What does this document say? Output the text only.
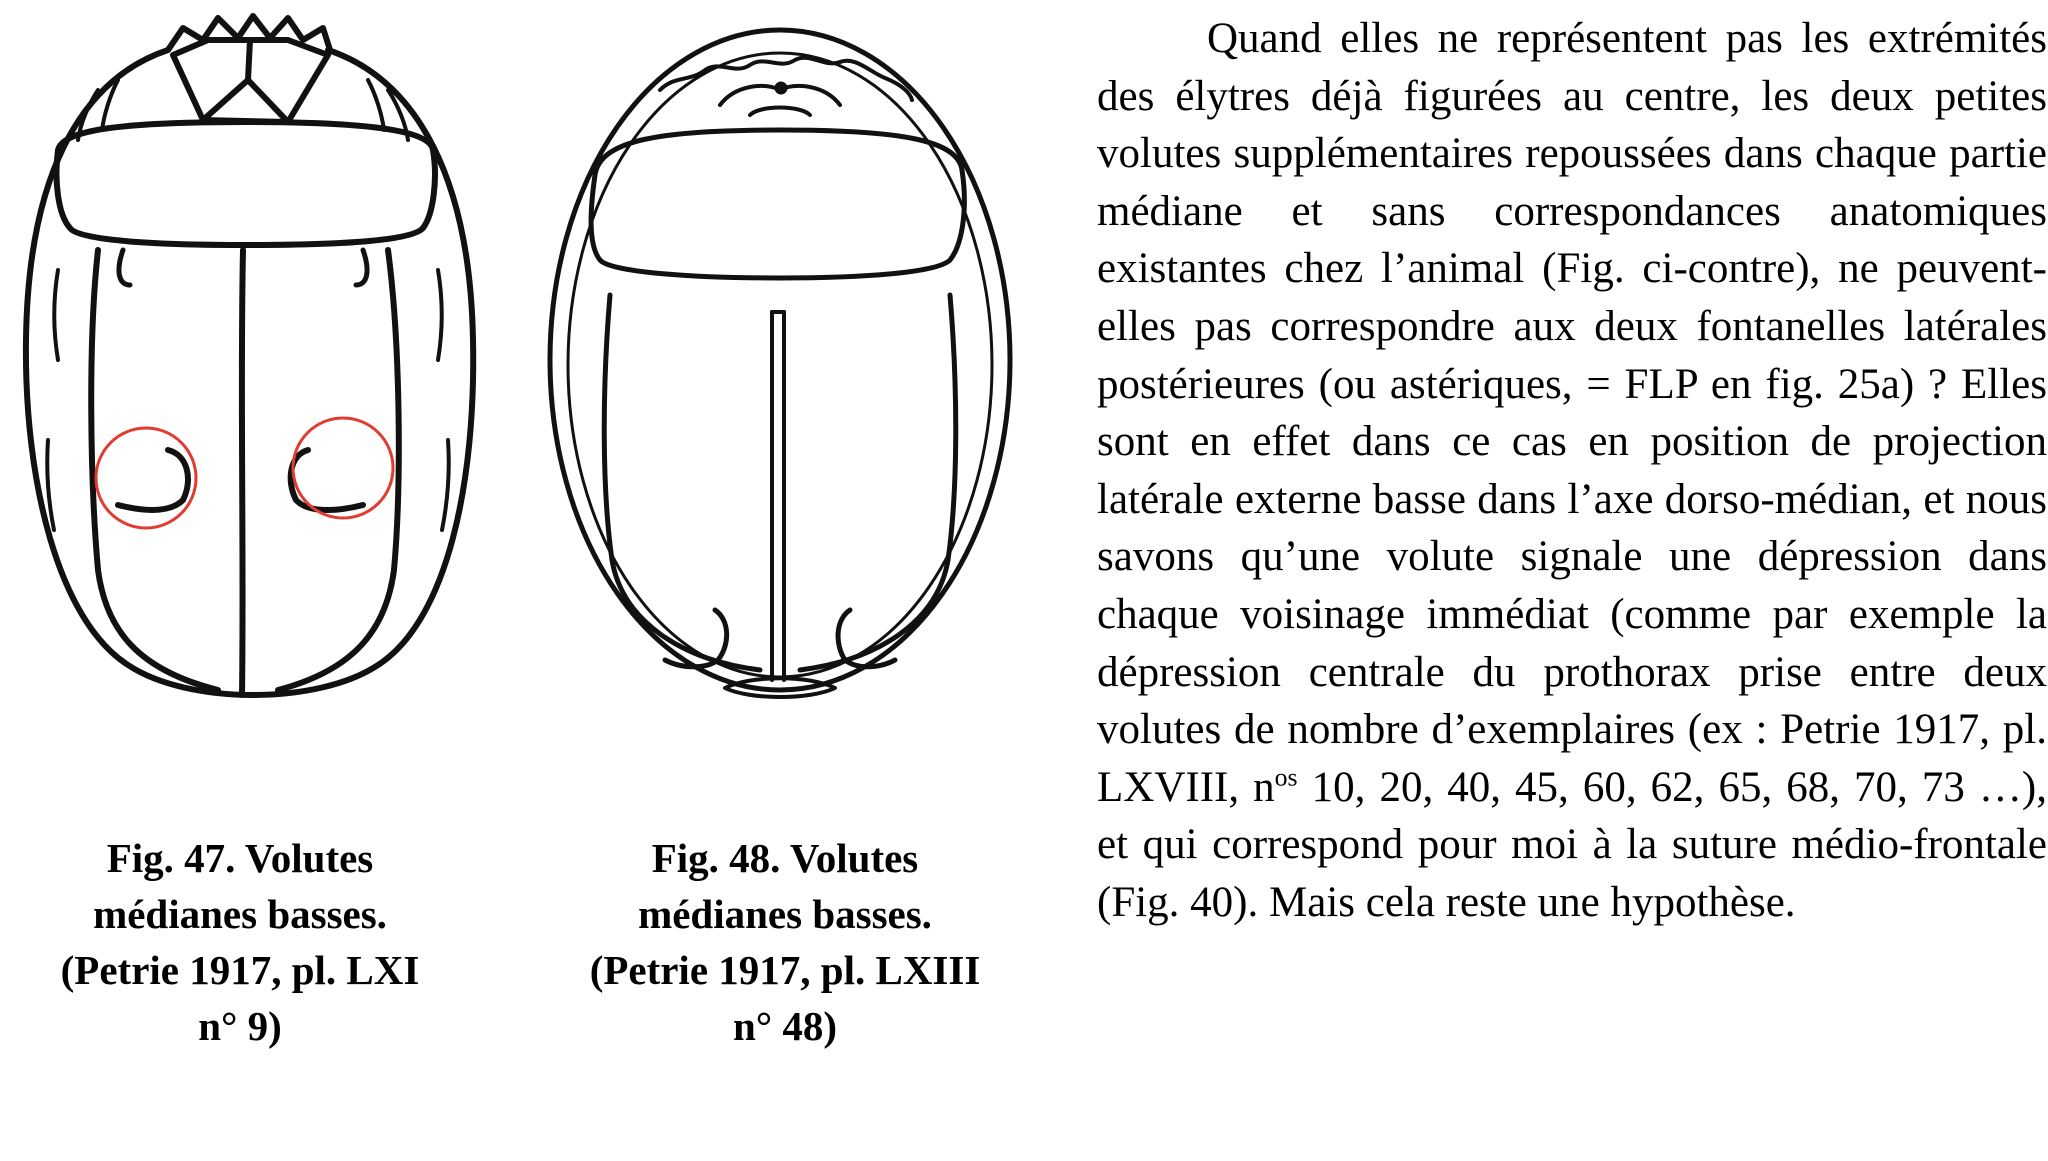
Fig. 47. Volutes
médianes basses.
(Petrie 1917, pl. LXI
n° 9)
Fig. 48. Volutes
médianes basses.
(Petrie 1917, pl. LXIII
n° 48)

Quand elles ne représentent pas les extrémités des élytres déjà figurées au centre, les deux petites volutes supplémentaires repoussées dans chaque partie médiane et sans correspondances anatomiques existantes chez l’animal (Fig. ci-contre), ne peuvent-elles pas correspondre aux deux fontanelles latérales postérieures (ou astériques, = FLP en fig. 25a) ? Elles sont en effet dans ce cas en position de projection latérale externe basse dans l’axe dorso-médian, et nous savons qu’une volute signale une dépression dans chaque voisinage immédiat (comme par exemple la dépression centrale du prothorax prise entre deux volutes de nombre d’exemplaires (ex : Petrie 1917, pl. LXVIII, $n^{os}$ 10, 20, 40, 45, 60, 62, 65, 68, 70, 73 …), et qui correspond pour moi à la suture médio-frontale (Fig. 40). Mais cela reste une hypothèse.
